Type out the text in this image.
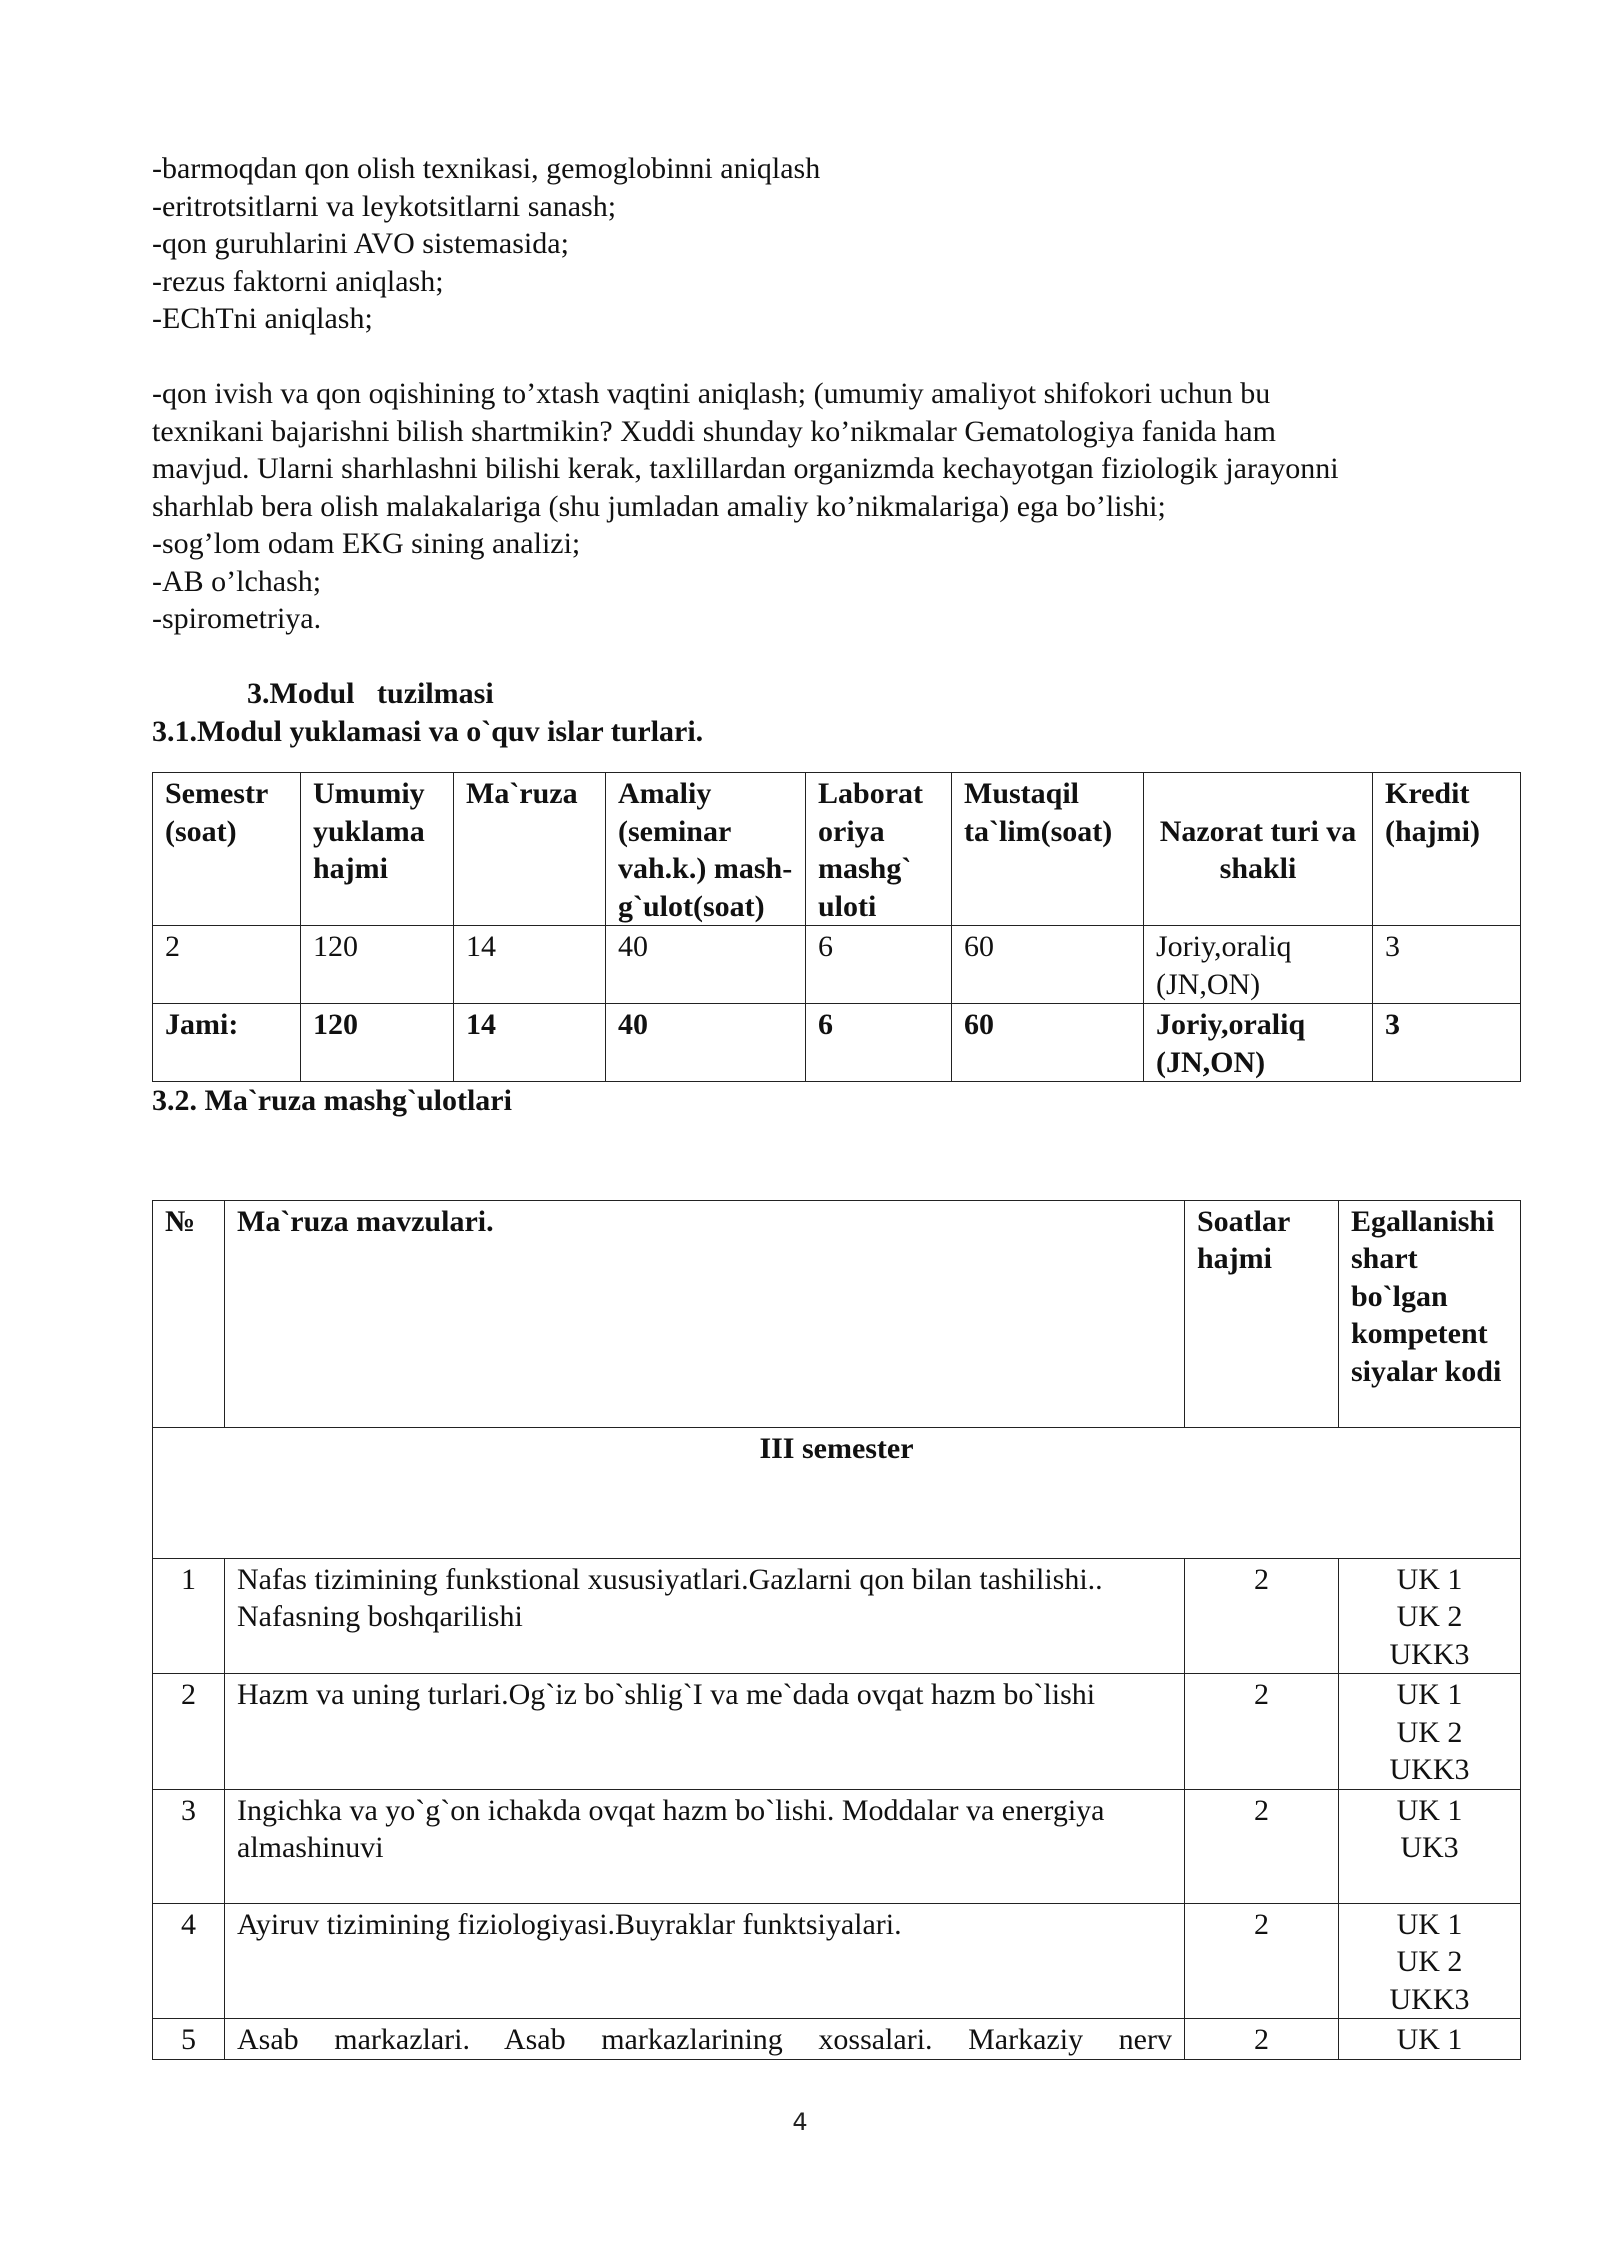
-barmoqdan qon olish texnikasi, gemoglobinni aniqlash

-eritrotsitlarni va leykotsitlarni sanash;

-qon guruhlarini AVO sistemasida;

-rezus faktorni aniqlash;

-EChTni aniqlash;

-qon ivish va qon oqishining to’xtash vaqtini aniqlash; (umumiy amaliyot shifokori uchun bu

texnikani bajarishni bilish shartmikin? Xuddi shunday ko’nikmalar Gematologiya fanida ham

mavjud. Ularni sharhlashni bilishi kerak, taxlillardan organizmda kechayotgan fiziologik jarayonni

sharhlab bera olish malakalariga (shu jumladan amaliy ko’nikmalariga) ega bo’lishi;

-sog’lom odam EKG sining analizi;

-AB o’lchash;

-spirometriya.

3.Modul   tuzilmasi

3.1.Modul yuklamasi va o`quv islar turlari.

Semestr (soat)	Umumiy yuklama hajmi	Ma`ruza	Amaliy (seminar vah.k.) mash-g`ulot(soat)	Laborat oriya mashg` uloti	Mustaqil ta`lim(soat)	Nazorat turi va shakli	Kredit (hajmi)
2	120	14	40	6	60	Joriy,oraliq (JN,ON)	3
Jami:	120	14	40	6	60	Joriy,oraliq (JN,ON)	3

3.2. Ma`ruza mashg`ulotlari

№	Ma`ruza mavzulari.	Soatlar hajmi	Egallanishi shart bo`lgan kompetent siyalar kodi
III semester			
1	Nafas tizimining funkstional xususiyatlari.Gazlarni qon bilan tashilishi.. Nafasning boshqarilishi	2	UK 1
UK 2
UKK3

2	Hazm va uning turlari.Og`iz bo`shlig`I va me`dada ovqat hazm bo`lishi	2	UK 1
UK 2
UKK3

3	Ingichka va yo`g`on ichakda ovqat hazm bo`lishi. Moddalar va energiya almashinuvi	2	UK 1
UK3

4	Ayiruv tizimining fiziologiyasi.Buyraklar funktsiyalari.	2	UK 1
UK 2
UKK3

5	Asab markazlari. Asab markazlarining xossalari. Markaziy nerv	2	UK 1
4
